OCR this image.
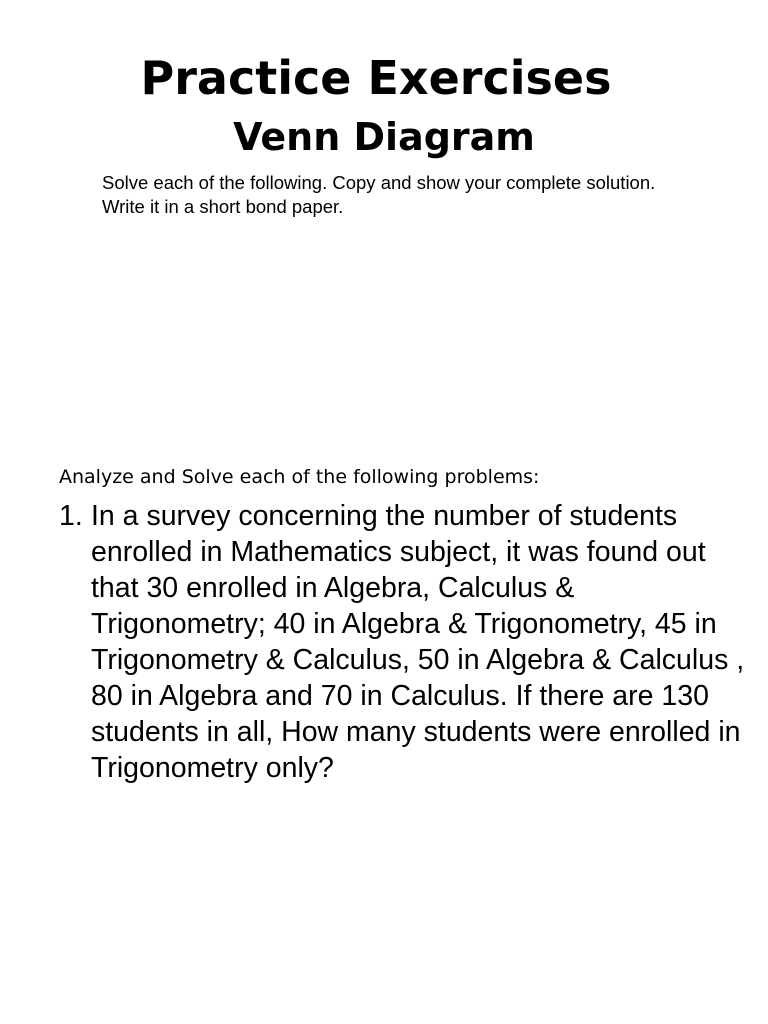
Practice Exercises
Venn Diagram

Solve each of the following. Copy and show your complete solution. Write it in a short bond paper.

Analyze and Solve each of the following problems:

1. In a survey concerning the number of students enrolled in Mathematics subject, it was found out that 30 enrolled in Algebra, Calculus & Trigonometry; 40 in Algebra & Trigonometry, 45 in Trigonometry & Calculus, 50 in Algebra & Calculus , 80 in Algebra and 70 in Calculus. If there are 130 students in all, How many students were enrolled in Trigonometry only?
